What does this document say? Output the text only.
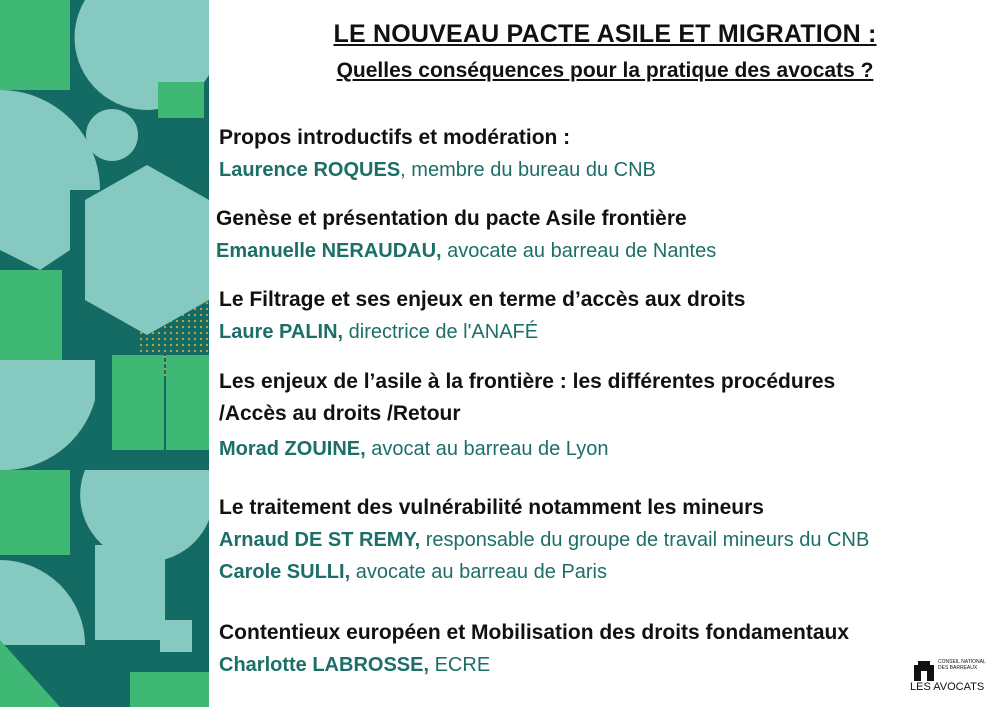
LE NOUVEAU PACTE ASILE ET MIGRATION :
Quelles conséquences pour la pratique des avocats ?
Propos introductifs et modération :
Laurence ROQUES, membre du bureau du CNB
Genèse et présentation du pacte Asile frontière
Emanuelle NERAUDAU, avocate au barreau de Nantes
Le Filtrage et ses enjeux en terme d’accès aux droits
Laure PALIN, directrice de l'ANAFÉ
Les enjeux de l’asile à la frontière : les différentes procédures
/Accès au droits /Retour
Morad ZOUINE, avocat au barreau de Lyon
Le traitement des vulnérabilité notamment les mineurs
Arnaud DE ST REMY, responsable du groupe de travail mineurs du CNB
Carole SULLI, avocate au barreau de Paris
Contentieux européen et Mobilisation des droits fondamentaux
Charlotte LABROSSE, ECRE	CONSEIL NATIONAL
DES BARREAUX
LES AVOCATS
